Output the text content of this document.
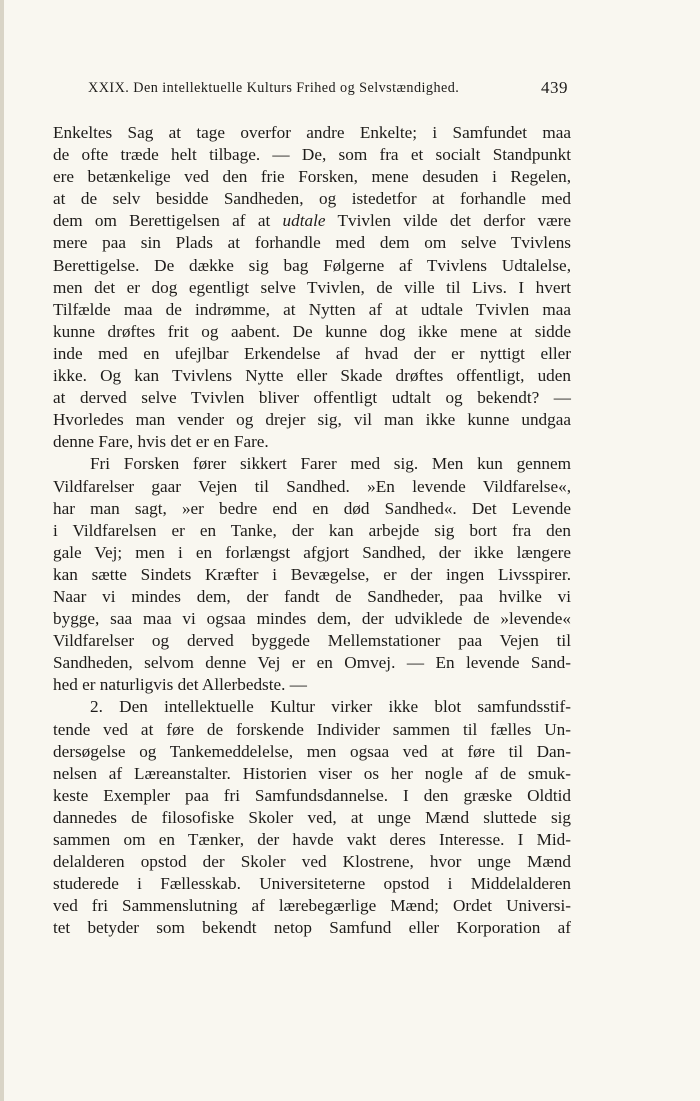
XXIX. Den intellektuelle Kulturs Frihed og Selvstændighed.	439
Enkeltes Sag at tage overfor andre Enkelte; i Samfundet maa
de ofte træde helt tilbage. — De, som fra et socialt Standpunkt
ere betænkelige ved den frie Forsken, mene desuden i Regelen,
at de selv besidde Sandheden, og istedetfor at forhandle med
dem om Berettigelsen af at udtale Tvivlen vilde det derfor være
mere paa sin Plads at forhandle med dem om selve Tvivlens
Berettigelse. De dække sig bag Følgerne af Tvivlens Udtalelse,
men det er dog egentligt selve Tvivlen, de ville til Livs. I hvert
Tilfælde maa de indrømme, at Nytten af at udtale Tvivlen maa
kunne drøftes frit og aabent. De kunne dog ikke mene at sidde
inde med en ufejlbar Erkendelse af hvad der er nyttigt eller
ikke. Og kan Tvivlens Nytte eller Skade drøftes offentligt, uden
at derved selve Tvivlen bliver offentligt udtalt og bekendt? —
Hvorledes man vender og drejer sig, vil man ikke kunne undgaa
denne Fare, hvis det er en Fare.
Fri Forsken fører sikkert Farer med sig. Men kun gennem
Vildfarelser gaar Vejen til Sandhed. »En levende Vildfarelse«,
har man sagt, »er bedre end en død Sandhed«. Det Levende
i Vildfarelsen er en Tanke, der kan arbejde sig bort fra den
gale Vej; men i en forlængst afgjort Sandhed, der ikke længere
kan sætte Sindets Kræfter i Bevægelse, er der ingen Livsspirer.
Naar vi mindes dem, der fandt de Sandheder, paa hvilke vi
bygge, saa maa vi ogsaa mindes dem, der udviklede de »levende«
Vildfarelser og derved byggede Mellemstationer paa Vejen til
Sandheden, selvom denne Vej er en Omvej. — En levende Sand-
hed er naturligvis det Allerbedste. —
2. Den intellektuelle Kultur virker ikke blot samfundsstif-
tende ved at føre de forskende Individer sammen til fælles Un-
dersøgelse og Tankemeddelelse, men ogsaa ved at føre til Dan-
nelsen af Læreanstalter. Historien viser os her nogle af de smuk-
keste Exempler paa fri Samfundsdannelse. I den græske Oldtid
dannedes de filosofiske Skoler ved, at unge Mænd sluttede sig
sammen om en Tænker, der havde vakt deres Interesse. I Mid-
delalderen opstod der Skoler ved Klostrene, hvor unge Mænd
studerede i Fællesskab. Universiteterne opstod i Middelalderen
ved fri Sammenslutning af lærebegærlige Mænd; Ordet Universi-
tet betyder som bekendt netop Samfund eller Korporation af
